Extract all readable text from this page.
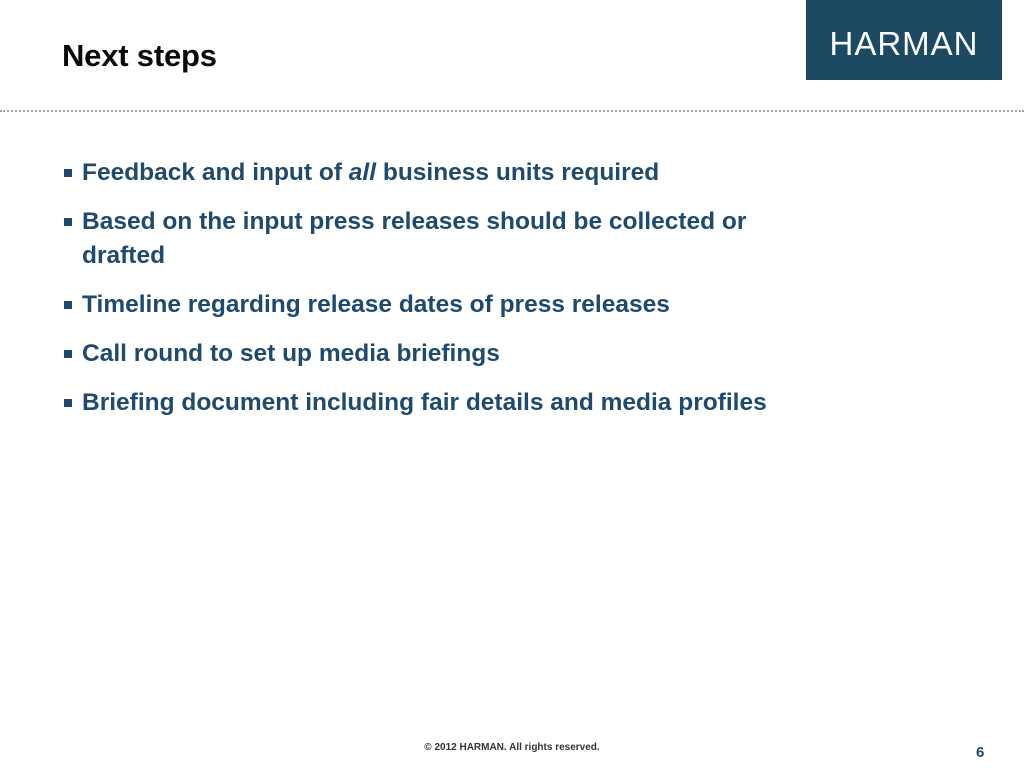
Next steps	HARMAN
Feedback and input of all business units required
Based on the input press releases should be collected or drafted
Timeline regarding release dates of press releases
Call round to set up media briefings
Briefing document including fair details and media profiles
© 2012 HARMAN. All rights reserved.	6
